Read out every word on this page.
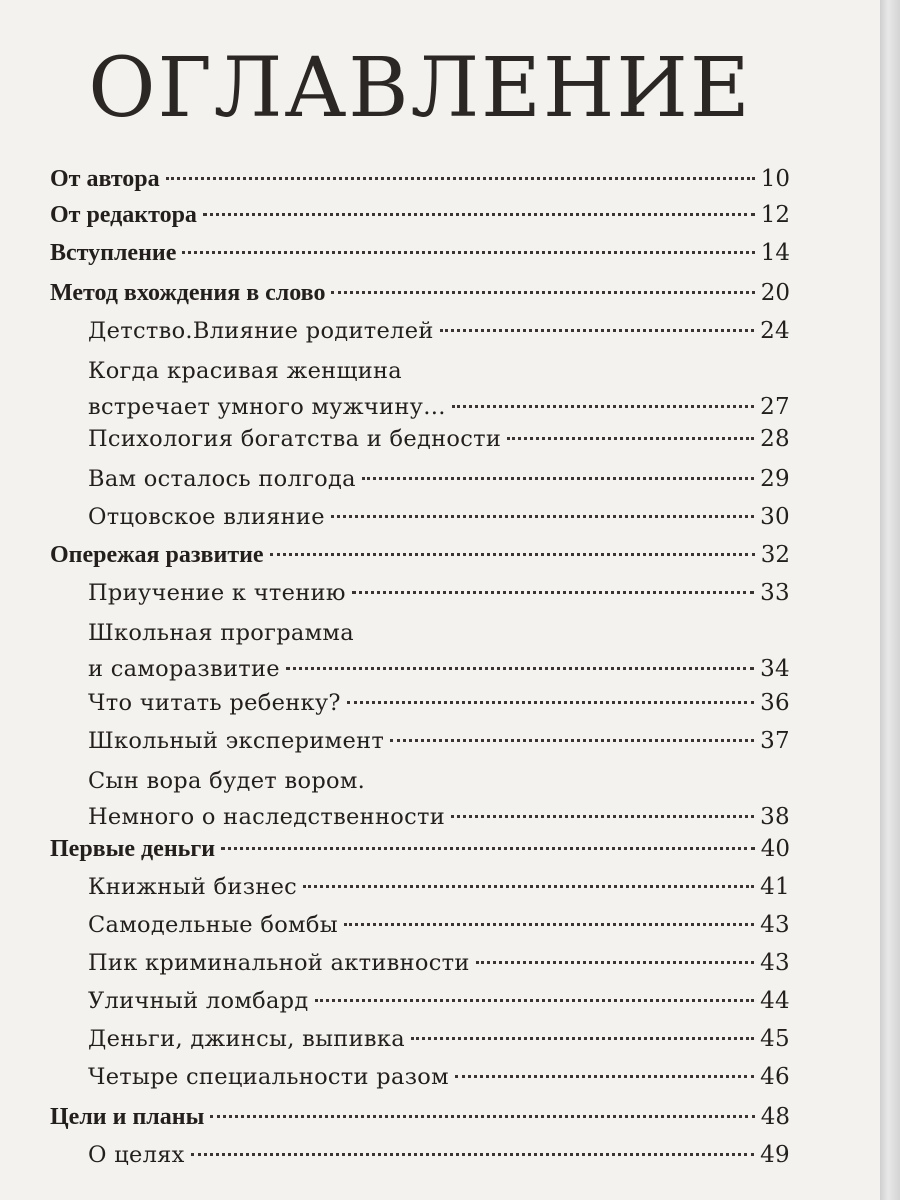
ОГЛАВЛЕНИЕ
От автора	10
От редактора	12
Вступление	14
Метод вхождения в слово	20
Детство.Влияние родителей	24
Когда красивая женщина
встречает умного мужчину…	27
Психология богатства и бедности	28
Вам осталось полгода	29
Отцовское влияние	30
Опережая развитие	32
Приучение к чтению	33
Школьная программа
и саморазвитие	34
Что читать ребенку?	36
Школьный эксперимент	37
Сын вора будет вором.
Немного о наследственности	38
Первые деньги	40
Книжный бизнес	41
Самодельные бомбы	43
Пик криминальной активности	43
Уличный ломбард	44
Деньги, джинсы, выпивка	45
Четыре специальности разом	46
Цели и планы	48
О целях	49
